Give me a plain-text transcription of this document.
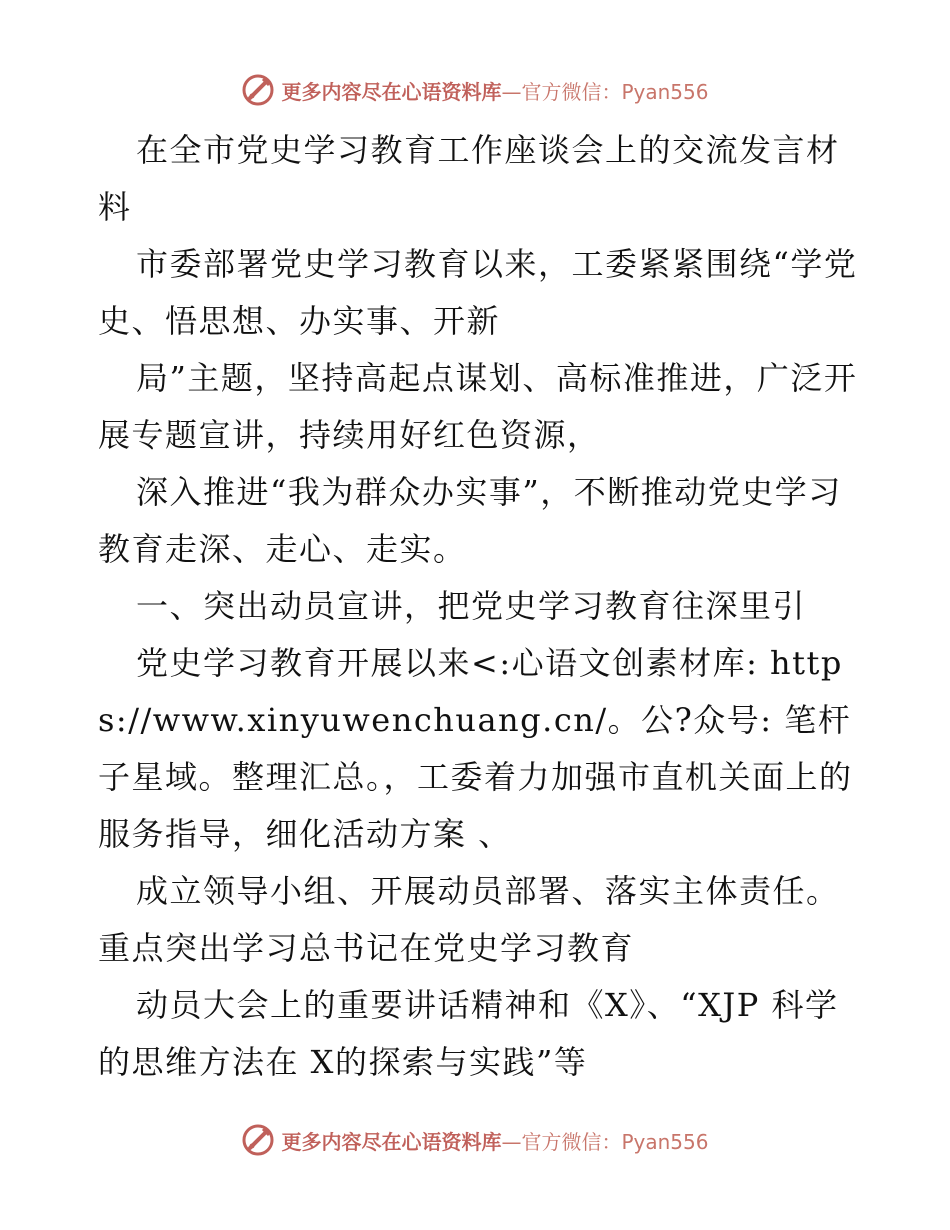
更多内容尽在心语资料库—官方微信：Pyan556

在全市党史学习教育工作座谈会上的交流发言材料

市委部署党史学习教育以来，工委紧紧围绕“学党史、悟思想、办实事、开新

局”主题，坚持高起点谋划、高标准推进，广泛开展专题宣讲，持续用好红色资源，

深入推进“我为群众办实事”，不断推动党史学习教育走深、走心、走实。

一、突出动员宣讲，把党史学习教育往深里引

党史学习教育开展以来<:心语文创素材库: https://www.xinyuwenchuang.cn/。公?众号: 笔杆子星域。整理汇总。，工委着力加强市直机关面上的服务指导，细化活动方案 、

成立领导小组、开展动员部署、落实主体责任。重点突出学习总书记在党史学习教育

动员大会上的重要讲话精神和《X》、“XJP 科学的思维方法在 X的探索与实践”等

更多内容尽在心语资料库—官方微信：Pyan556
